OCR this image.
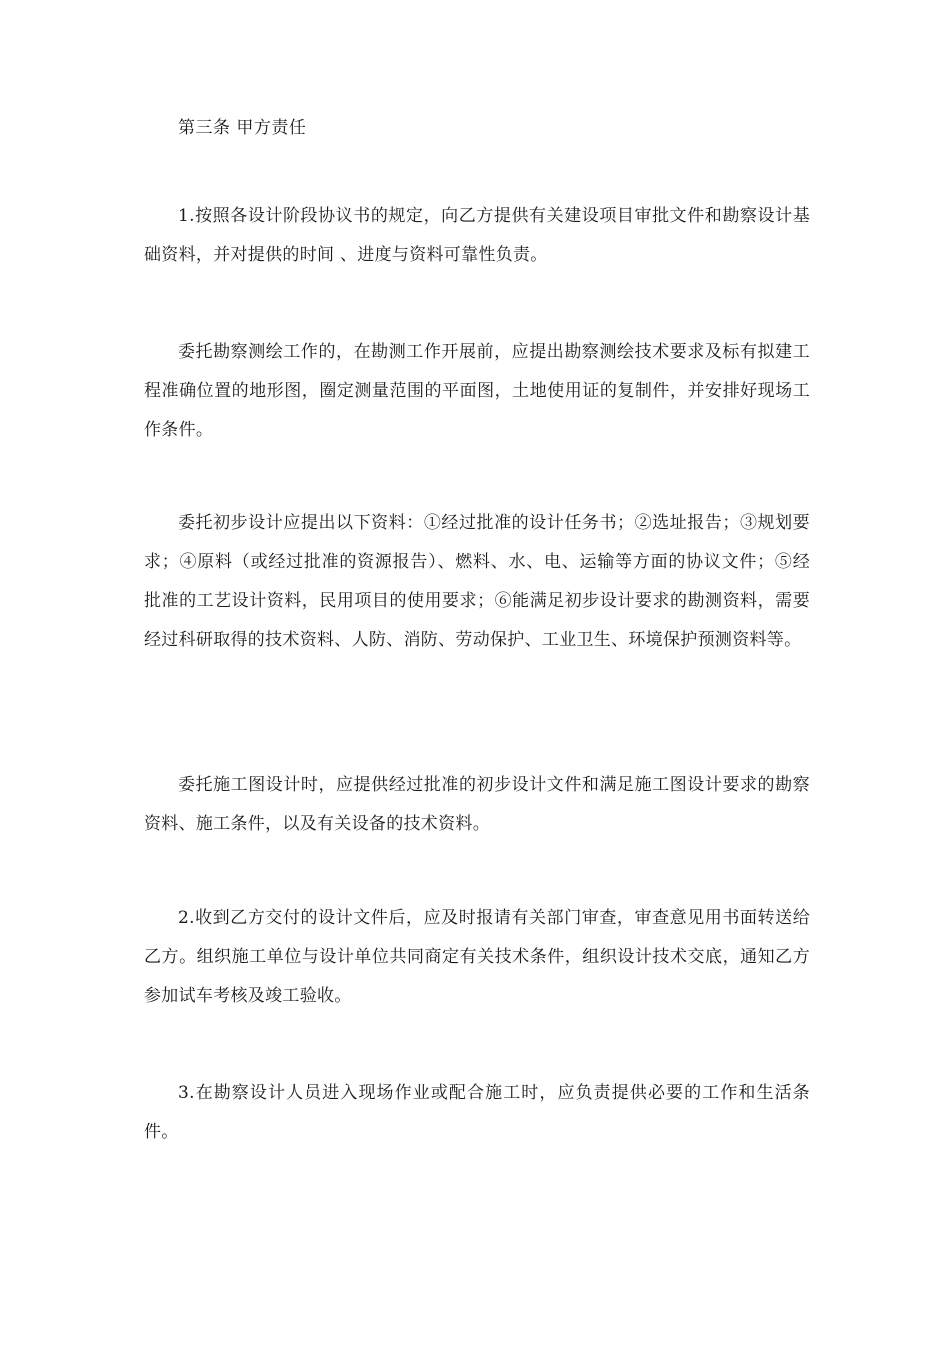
第三条 甲方责任

1.按照各设计阶段协议书的规定，向乙方提供有关建设项目审批文件和勘察设计基础资料，并对提供的时间 、进度与资料可靠性负责。

委托勘察测绘工作的，在勘测工作开展前，应提出勘察测绘技术要求及标有拟建工程准确位置的地形图，圈定测量范围的平面图，土地使用证的复制件，并安排好现场工作条件。

委托初步设计应提出以下资料：①经过批准的设计任务书；②选址报告；③规划要求；④原料（或经过批准的资源报告）、燃料、水、电、运输等方面的协议文件；⑤经批准的工艺设计资料，民用项目的使用要求；⑥能满足初步设计要求的勘测资料，需要经过科研取得的技术资料、人防、消防、劳动保护、工业卫生、环境保护预测资料等。

委托施工图设计时，应提供经过批准的初步设计文件和满足施工图设计要求的勘察资料、施工条件，以及有关设备的技术资料。

2.收到乙方交付的设计文件后，应及时报请有关部门审查，审查意见用书面转送给乙方。组织施工单位与设计单位共同商定有关技术条件，组织设计技术交底，通知乙方参加试车考核及竣工验收。

3.在勘察设计人员进入现场作业或配合施工时，应负责提供必要的工作和生活条件。
